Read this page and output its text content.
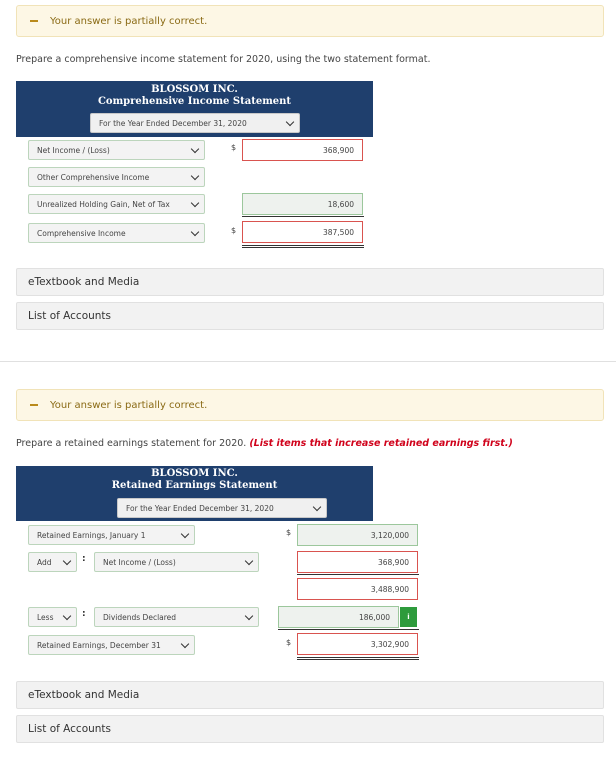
Your answer is partially correct.
Prepare a comprehensive income statement for 2020, using the two statement format.
BLOSSOM INC.
Comprehensive Income Statement
For the Year Ended December 31, 2020
Net Income / (Loss)	$	368,900
Other Comprehensive Income
Unrealized Holding Gain, Net of Tax	18,600
Comprehensive Income	$	387,500
eTextbook and Media
List of Accounts
Your answer is partially correct.
Prepare a retained earnings statement for 2020. (List items that increase retained earnings first.)
BLOSSOM INC.
Retained Earnings Statement
For the Year Ended December 31, 2020
Retained Earnings, January 1	$	3,120,000
Add	: Net Income / (Loss)	368,900
3,488,900
Less	: Dividends Declared	186,000	i
Retained Earnings, December 31	$	3,302,900
eTextbook and Media
List of Accounts
